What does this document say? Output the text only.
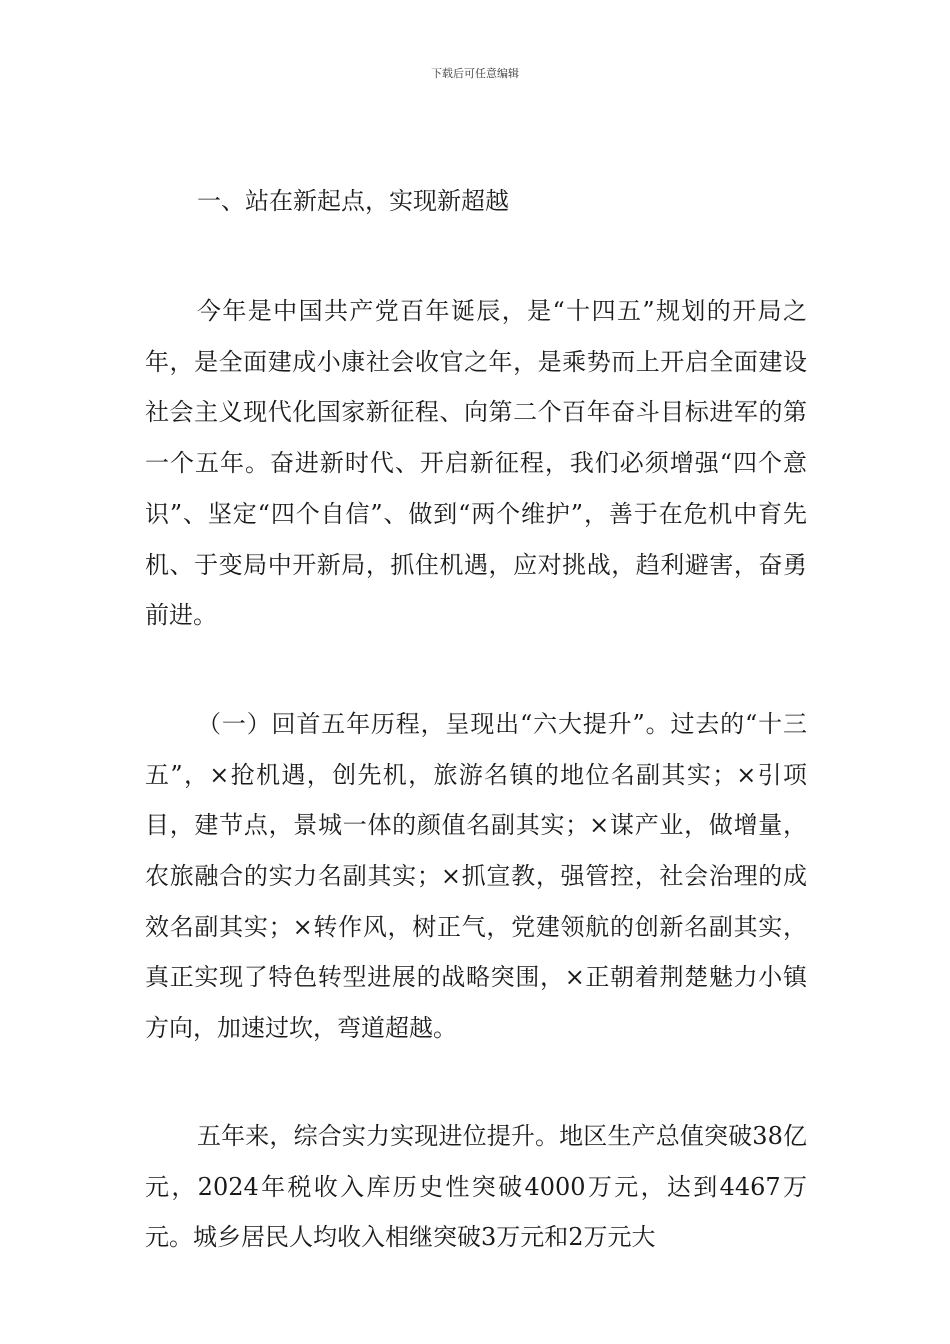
下载后可任意编辑
一、站在新起点，实现新超越

今年是中国共产党百年诞辰，是“十四五”规划的开局之年，是全面建成小康社会收官之年，是乘势而上开启全面建设社会主义现代化国家新征程、向第二个百年奋斗目标进军的第一个五年。奋进新时代、开启新征程，我们必须增强“四个意识”、坚定“四个自信”、做到“两个维护”，善于在危机中育先机、于变局中开新局，抓住机遇，应对挑战，趋利避害，奋勇前进。

（一）回首五年历程，呈现出“六大提升”。过去的“十三五”，×抢机遇，创先机，旅游名镇的地位名副其实；×引项目，建节点，景城一体的颜值名副其实；×谋产业，做增量，农旅融合的实力名副其实；×抓宣教，强管控，社会治理的成效名副其实；×转作风，树正气，党建领航的创新名副其实，真正实现了特色转型进展的战略突围，×正朝着荆楚魅力小镇方向，加速过坎，弯道超越。

五年来，综合实力实现进位提升。地区生产总值突破38亿元，2024年税收入库历史性突破4000万元，达到4467万元。城乡居民人均收入相继突破3万元和2万元大
